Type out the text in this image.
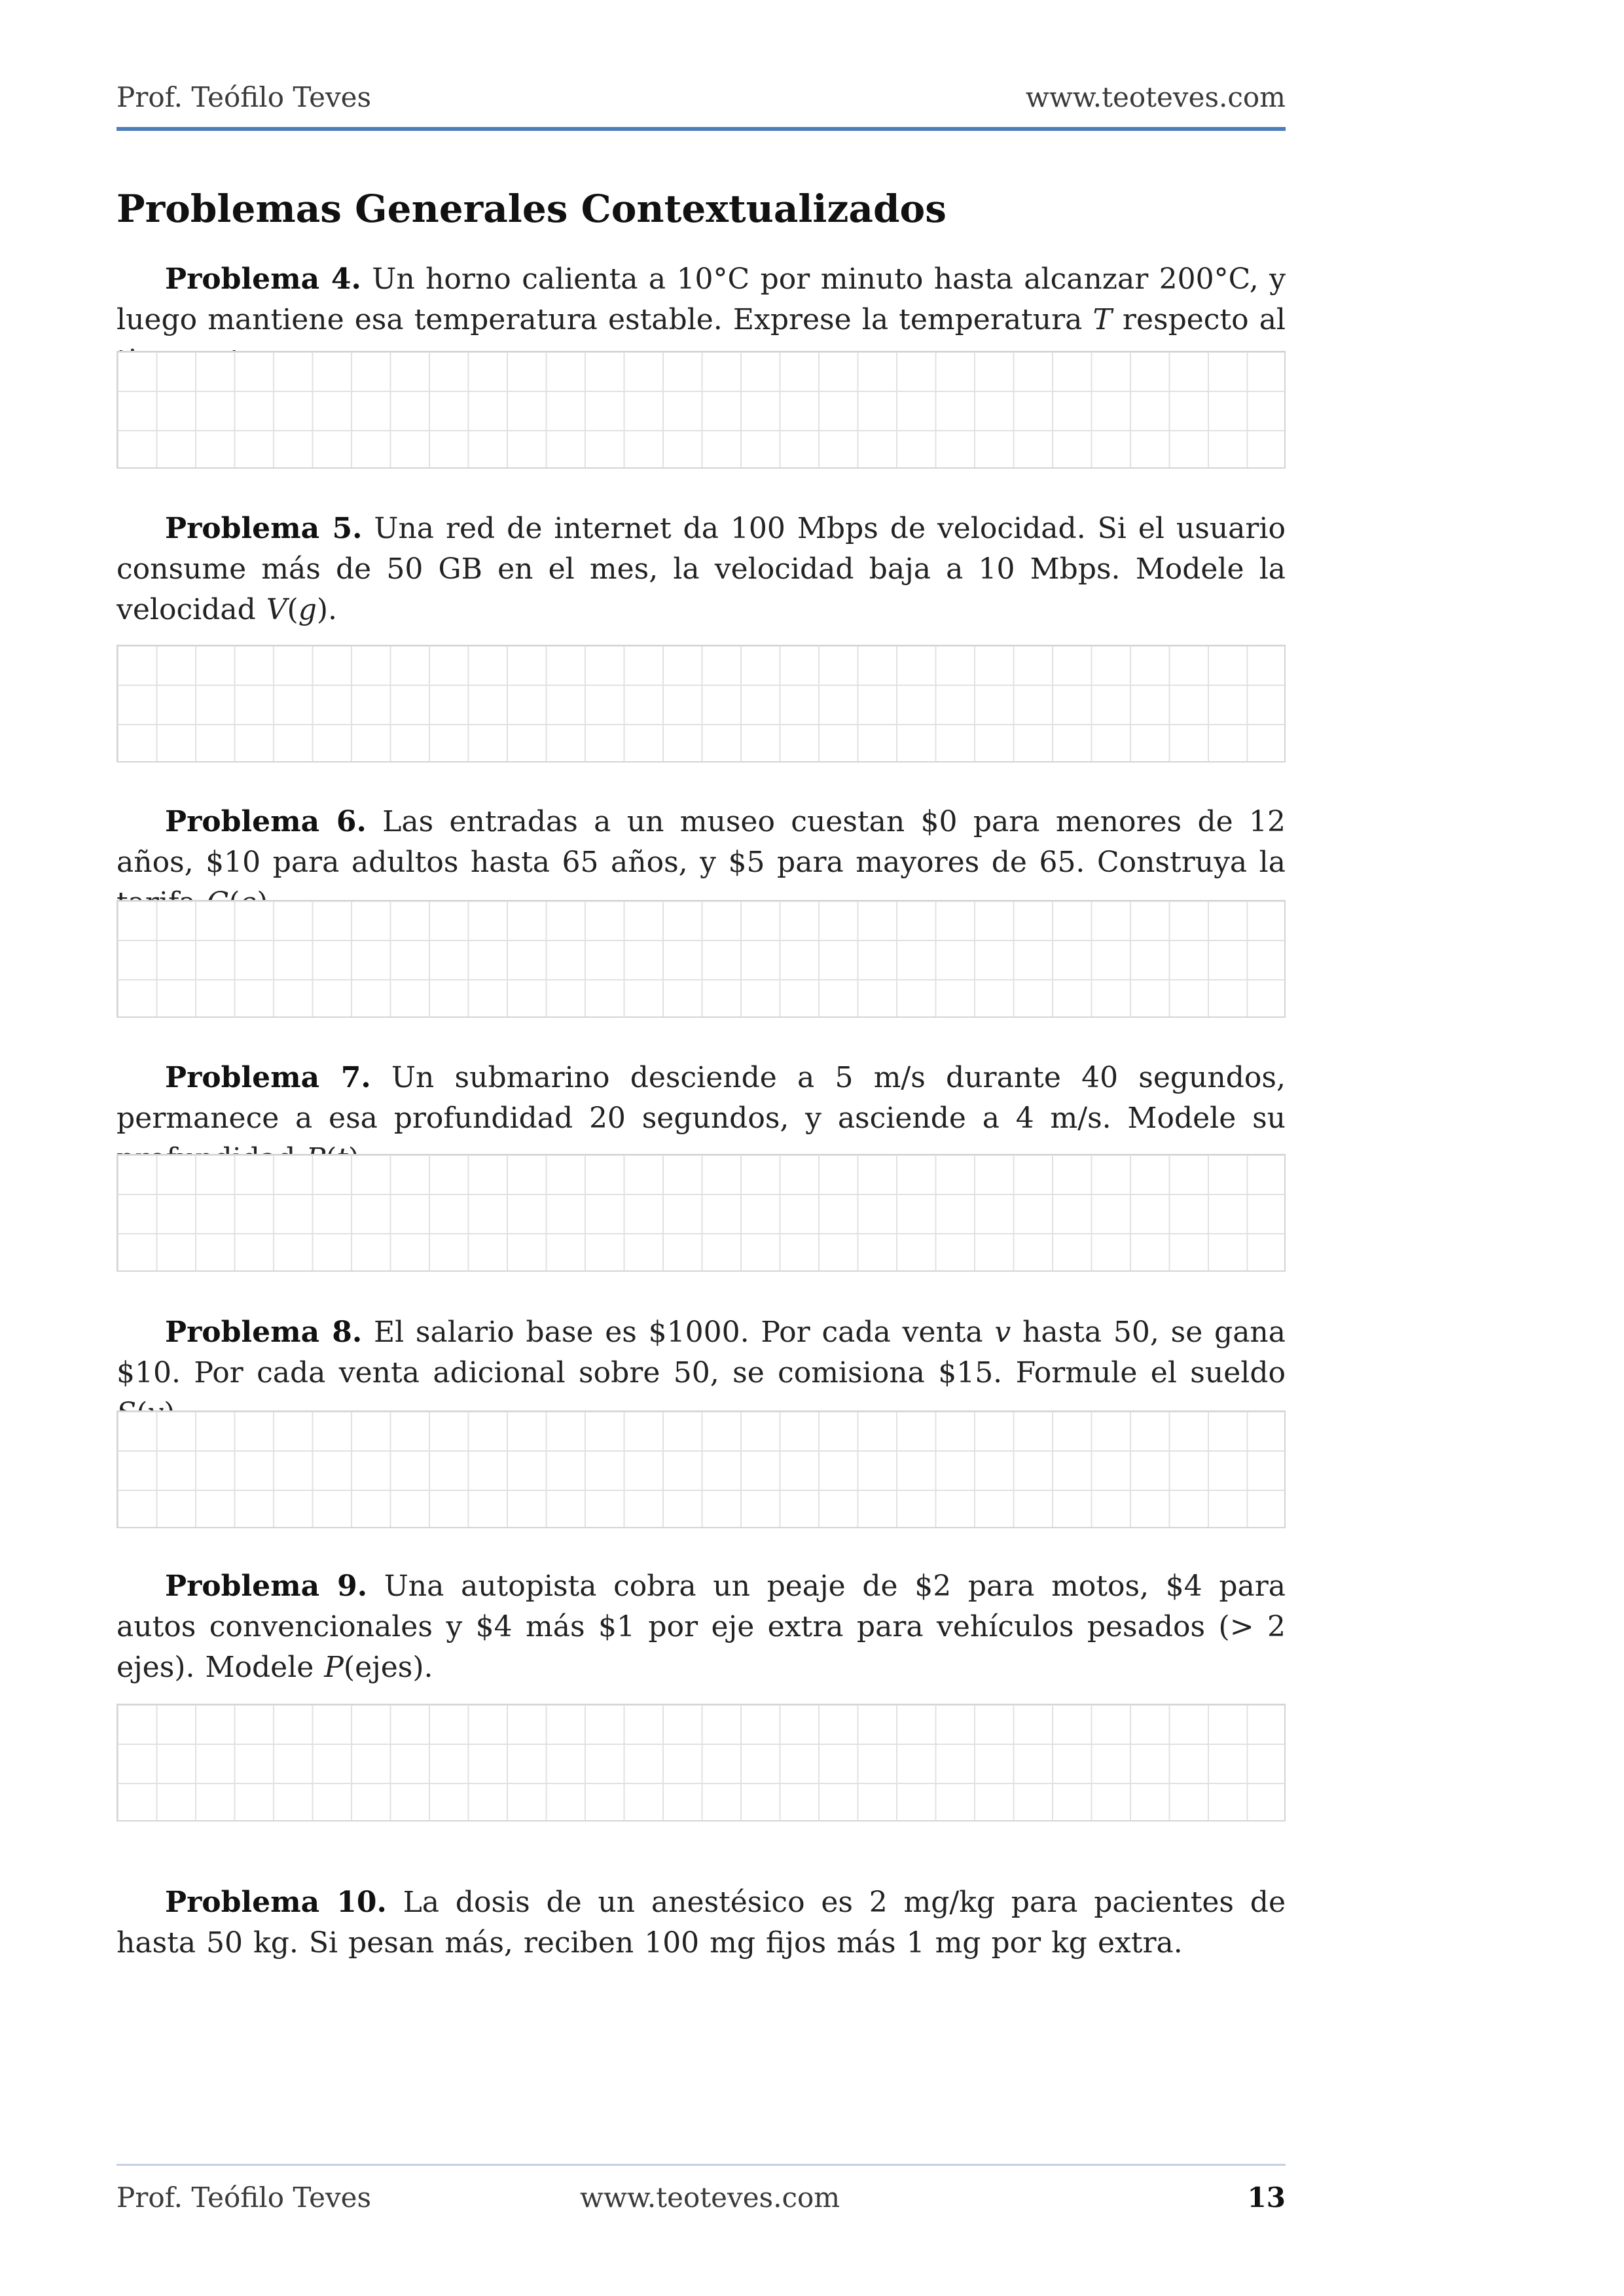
Prof. Teófilo Teves	www.teoteves.com
Problemas Generales Contextualizados

Problema 4. Un horno calienta a 10°C por minuto hasta alcanzar 200°C, y luego mantiene esa temperatura estable. Exprese la temperatura T respecto al

Problema 5. Una red de internet da 100 Mbps de velocidad. Si el usuario consume más de 50 GB en el mes, la velocidad baja a 10 Mbps. Modele la velocidad V(g).

Problema 6. Las entradas a un museo cuestan $0 para menores de 12 años, $10 para adultos hasta 65 años, y $5 para mayores de 65. Construya la

Problema 7. Un submarino desciende a 5 m/s durante 40 segundos, permanece a esa profundidad 20 segundos, y asciende a 4 m/s. Modele su

Problema 8. El salario base es $1000. Por cada venta v hasta 50, se gana $10. Por cada venta adicional sobre 50, se comisiona $15. Formule el sueldo

Problema 9. Una autopista cobra un peaje de $2 para motos, $4 para autos convencionales y $4 más $1 por eje extra para vehículos pesados (> 2 ejes). Modele P(ejes).

Problema 10. La dosis de un anestésico es 2 mg/kg para pacientes de hasta 50 kg. Si pesan más, reciben 100 mg fijos más 1 mg por kg extra.

Prof. Teófilo Teves	www.teoteves.com	13
